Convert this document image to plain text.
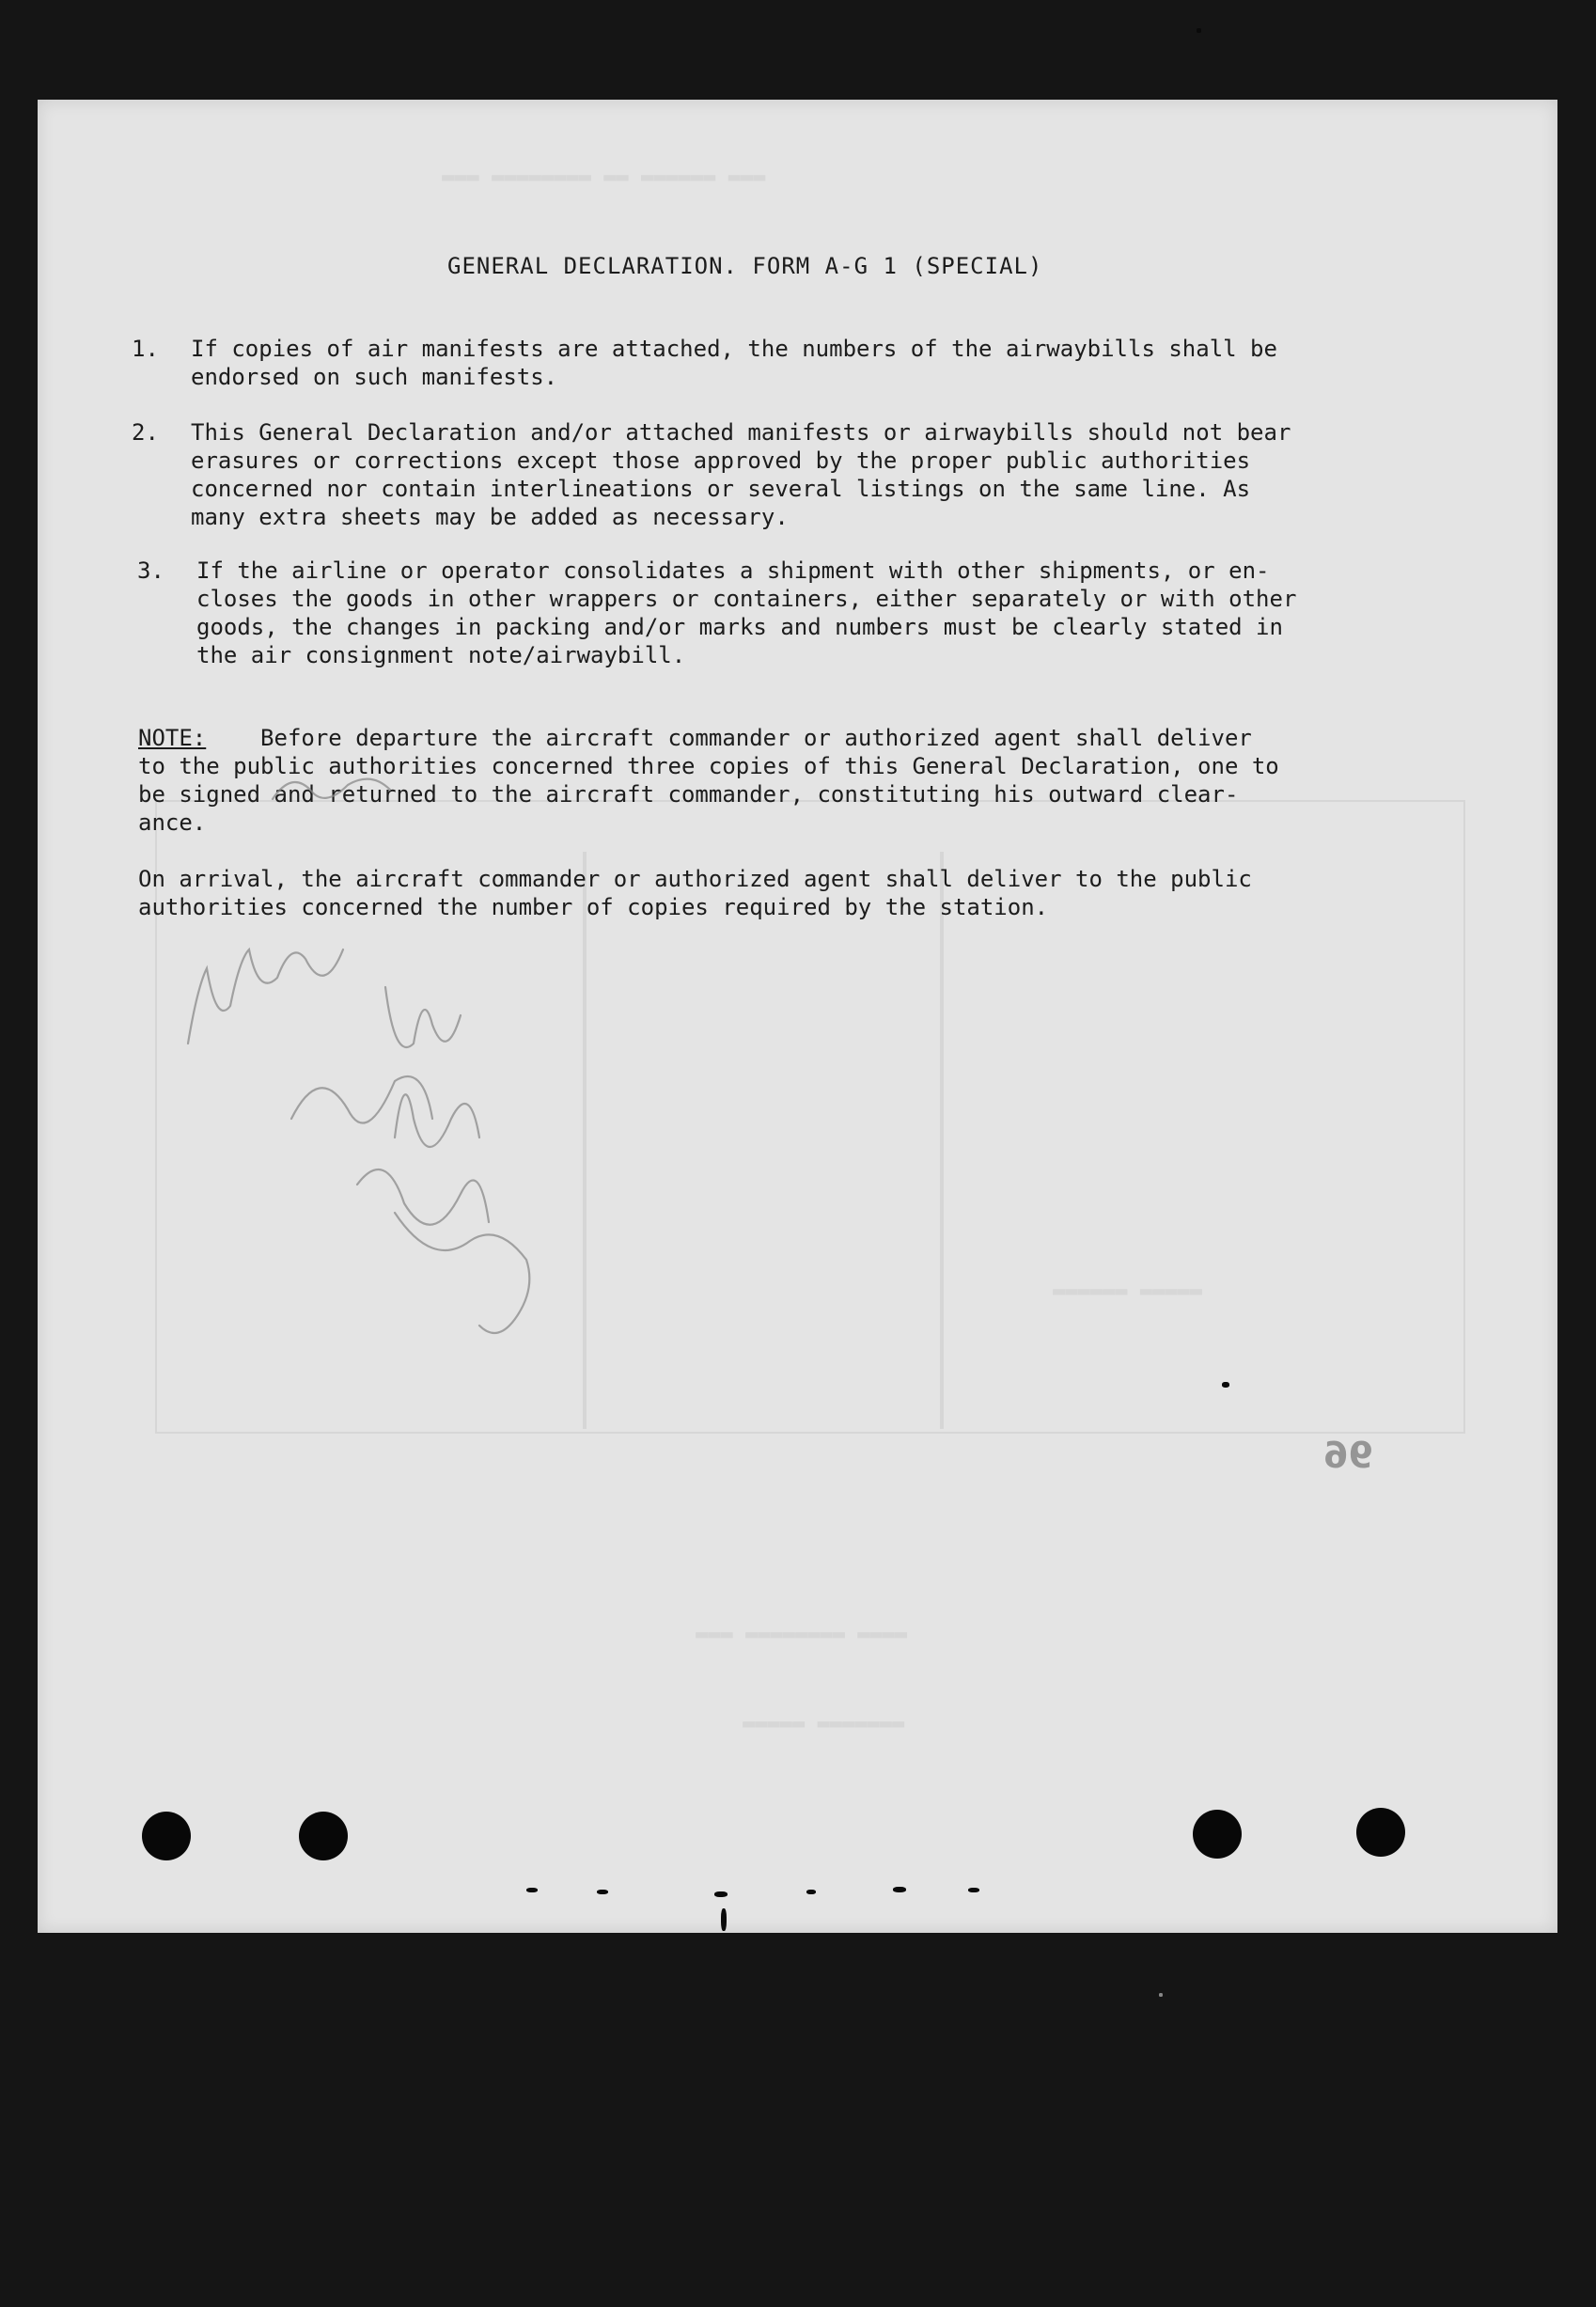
▬▬▬ ▬▬▬▬▬▬ ▬▬ ▬▬▬▬▬▬▬▬ ▬▬▬
▬▬▬▬▬ ▬▬▬▬▬▬
▬▬▬▬ ▬▬▬▬▬▬▬▬ ▬▬▬
▬▬▬▬▬▬▬ ▬▬▬▬▬
96
GENERAL DECLARATION. FORM A-G 1 (SPECIAL)
1.	If copies of air manifests are attached, the numbers of the airwaybills shall be
endorsed on such manifests.
2.	This General Declaration and/or attached manifests or airwaybills should not bear
erasures or corrections except those approved by the proper public authorities
concerned nor contain interlineations or several listings on the same line. As
many extra sheets may be added as necessary.
3.	If the airline or operator consolidates a shipment with other shipments, or en-
closes the goods in other wrappers or containers, either separately or with other
goods, the changes in packing and/or marks and numbers must be clearly stated in
the air consignment note/airwaybill.
NOTE: Before departure the aircraft commander or authorized agent shall deliver
to the public authorities concerned three copies of this General Declaration, one to
be signed and returned to the aircraft commander, constituting his outward clear-
ance.
On arrival, the aircraft commander or authorized agent shall deliver to the public
authorities concerned the number of copies required by the station.
